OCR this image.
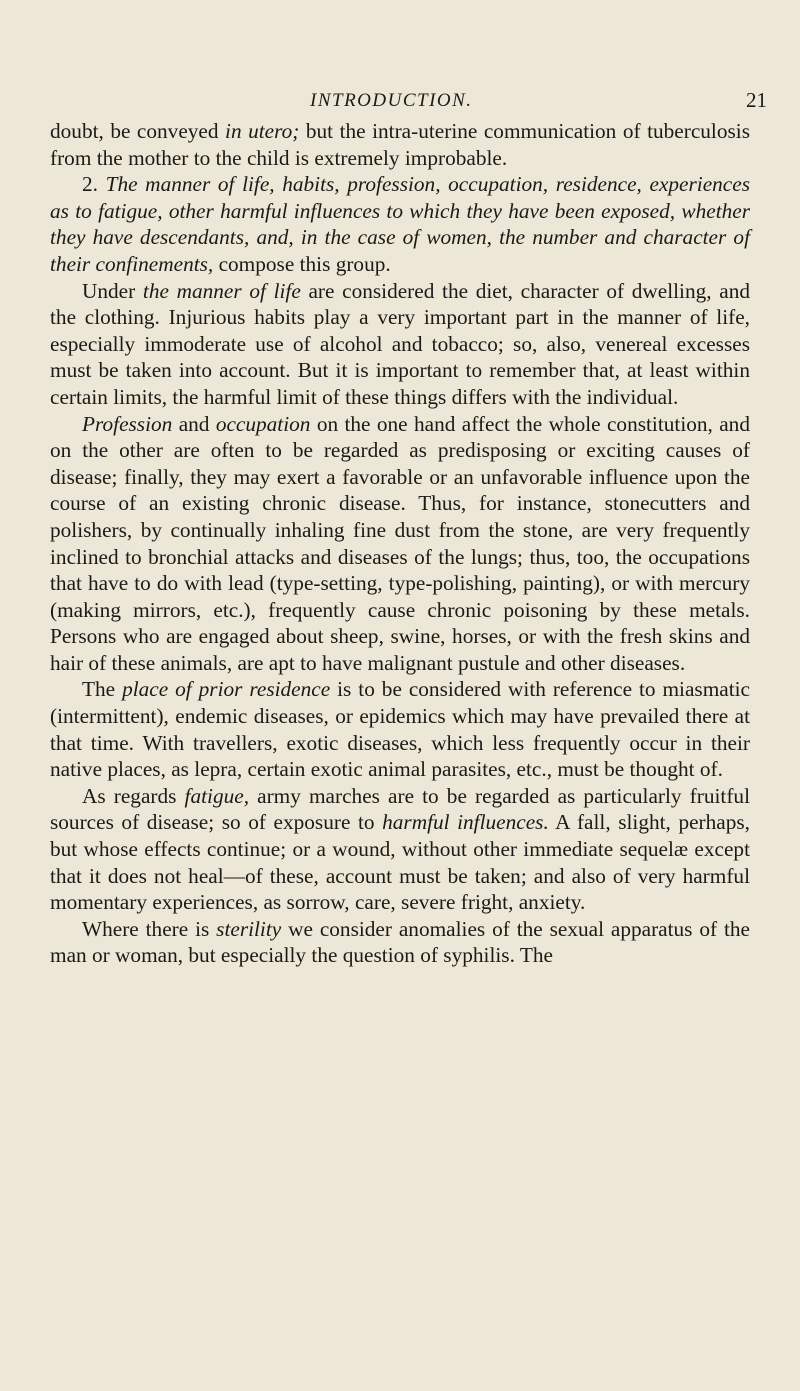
INTRODUCTION.	21

doubt, be conveyed in utero; but the intra-uterine communication of tuberculosis from the mother to the child is extremely improbable.

2. The manner of life, habits, profession, occupation, residence, experiences as to fatigue, other harmful influences to which they have been exposed, whether they have descendants, and, in the case of women, the number and character of their confinements, compose this group.

Under the manner of life are considered the diet, character of dwelling, and the clothing. Injurious habits play a very important part in the manner of life, especially immoderate use of alcohol and tobacco; so, also, venereal excesses must be taken into account. But it is important to remember that, at least within certain limits, the harmful limit of these things differs with the individual.

Profession and occupation on the one hand affect the whole constitution, and on the other are often to be regarded as predisposing or exciting causes of disease; finally, they may exert a favorable or an unfavorable influence upon the course of an existing chronic disease. Thus, for instance, stonecutters and polishers, by continually inhaling fine dust from the stone, are very frequently inclined to bronchial attacks and diseases of the lungs; thus, too, the occupations that have to do with lead (type-setting, type-polishing, painting), or with mercury (making mirrors, etc.), frequently cause chronic poisoning by these metals. Persons who are engaged about sheep, swine, horses, or with the fresh skins and hair of these animals, are apt to have malignant pustule and other diseases.

The place of prior residence is to be considered with reference to miasmatic (intermittent), endemic diseases, or epidemics which may have prevailed there at that time. With travellers, exotic diseases, which less frequently occur in their native places, as lepra, certain exotic animal parasites, etc., must be thought of.

As regards fatigue, army marches are to be regarded as particularly fruitful sources of disease; so of exposure to harmful influences. A fall, slight, perhaps, but whose effects continue; or a wound, without other immediate sequelæ except that it does not heal—of these, account must be taken; and also of very harmful momentary experiences, as sorrow, care, severe fright, anxiety.

Where there is sterility we consider anomalies of the sexual apparatus of the man or woman, but especially the question of syphilis. The
